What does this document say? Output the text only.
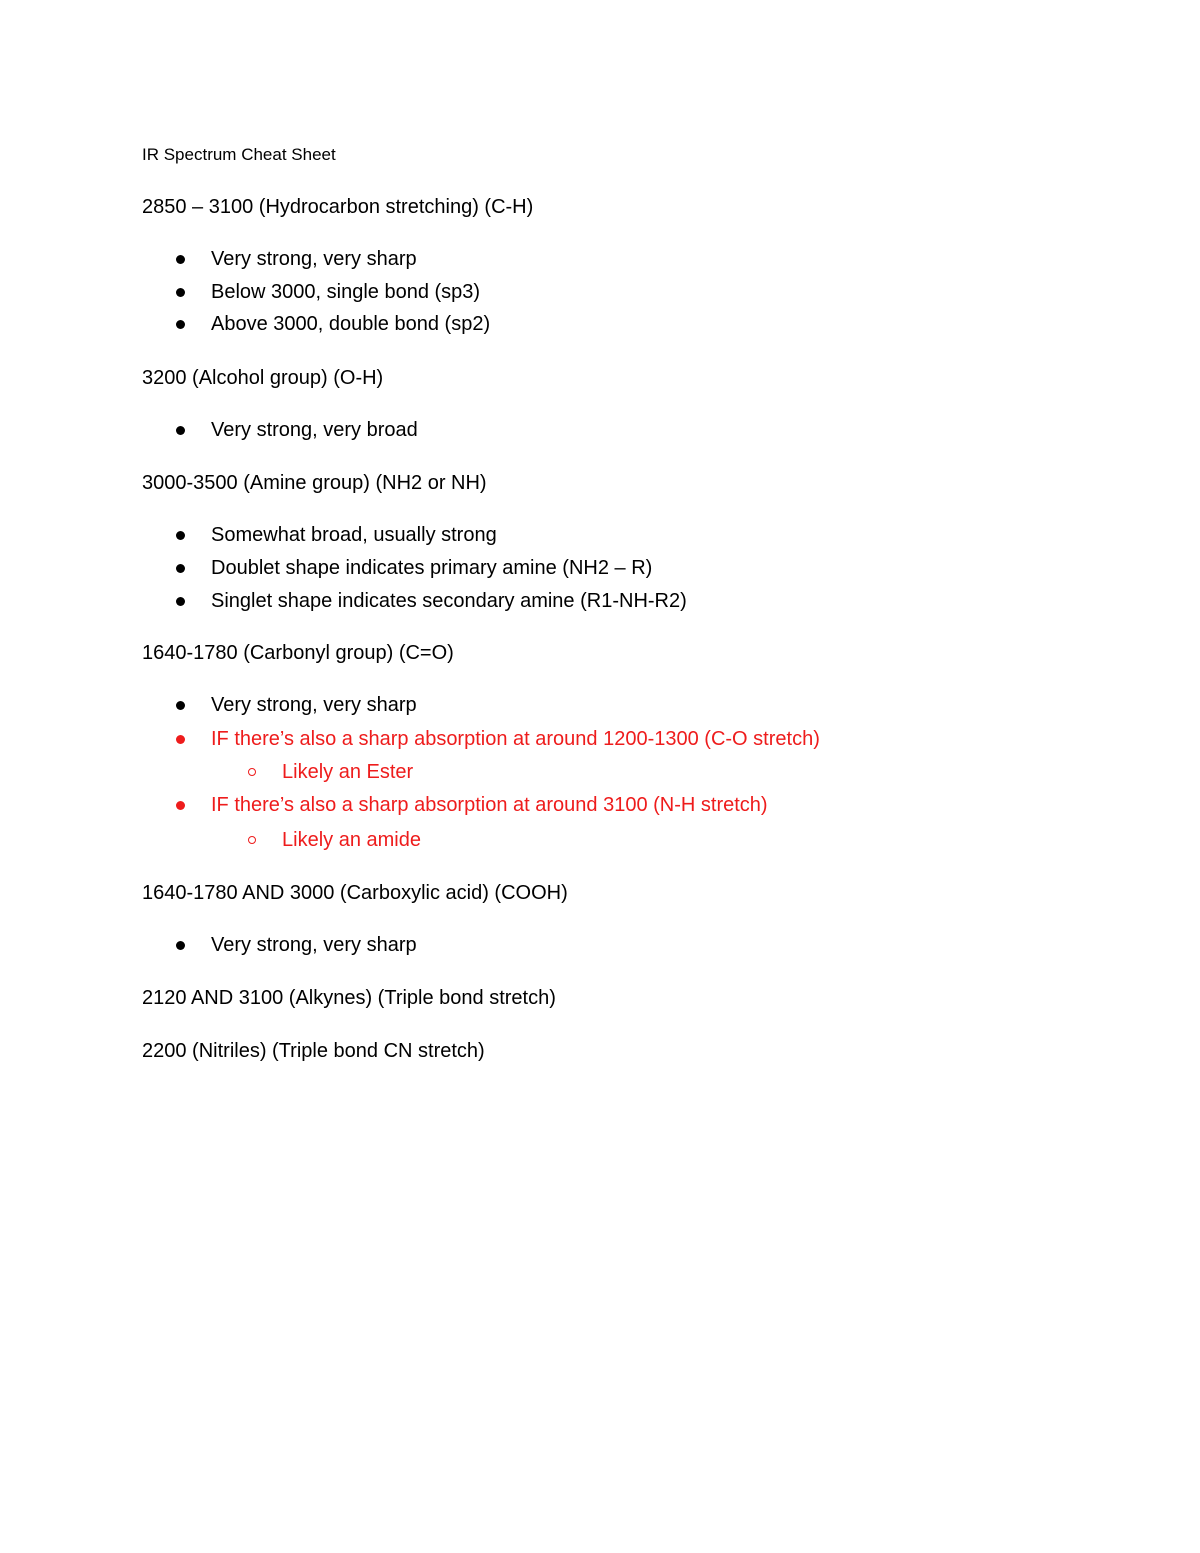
IR Spectrum Cheat Sheet
2850 – 3100 (Hydrocarbon stretching) (C-H)
Very strong, very sharp
Below 3000, single bond (sp3)
Above 3000, double bond (sp2)
3200 (Alcohol group) (O-H)
Very strong, very broad
3000-3500 (Amine group) (NH2 or NH)
Somewhat broad, usually strong
Doublet shape indicates primary amine (NH2 – R)
Singlet shape indicates secondary amine (R1-NH-R2)
1640-1780 (Carbonyl group) (C=O)
Very strong, very sharp
IF there’s also a sharp absorption at around 1200-1300 (C-O stretch)
Likely an Ester
IF there’s also a sharp absorption at around 3100 (N-H stretch)
Likely an amide
1640-1780 AND 3000 (Carboxylic acid) (COOH)
Very strong, very sharp
2120 AND 3100 (Alkynes) (Triple bond stretch)
2200 (Nitriles) (Triple bond CN stretch)
